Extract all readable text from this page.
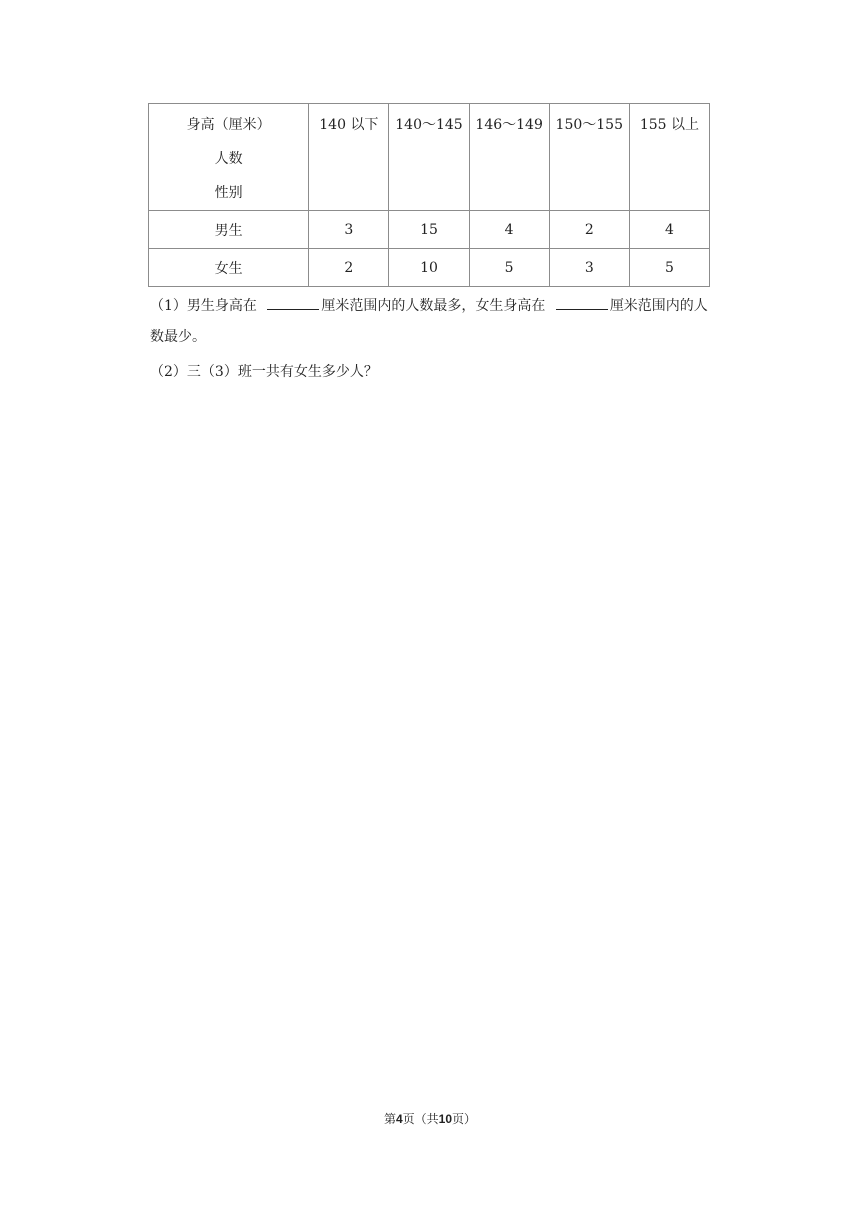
身高（厘米）
人数
性别	140 以下	140～145	146～149	150～155	155 以上

男生	3	15	4	2	4
女生	2	10	5	3	5
（1）男生身高在	厘米范围内的人数最多，女生身高在	厘米范围内的人
数最少。
（2）三（3）班一共有女生多少人？
第4页（共10页）
